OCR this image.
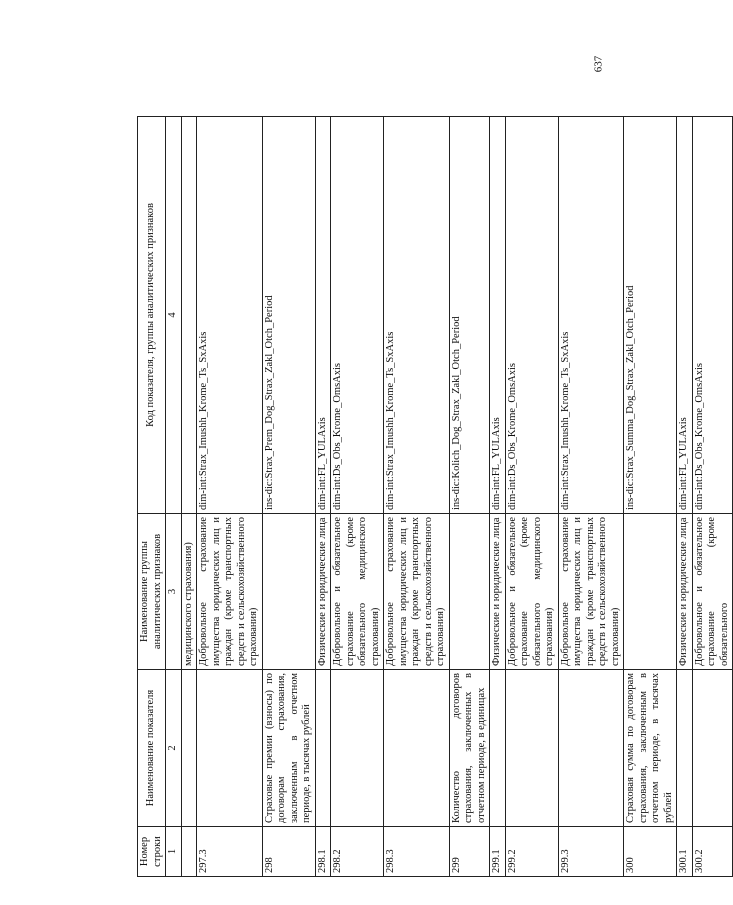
637
Номер строки	Наименование показателя	Наименование группы аналитических признаков	Код показателя, группы аналитических признаков
1	2	3	4
		медицинского страхования)	
297.3		Добровольное страхование имущества юридических лиц и граждан (кроме транспортных средств и сельскохозяйственного страхования)	dim-int:Strax_Imushh_Krome_Ts_SxAxis
298	Страховые премии (взносы) по договорам страхования, заключенным в отчетном периоде, в тысячах рублей		ins-dic:Strax_Prem_Dog_Strax_Zakl_Otch_Period
298.1		Физические и юридические лица	dim-int:FL_YULAxis
298.2		Добровольное и обязательное страхование (кроме обязательного медицинского страхования)	dim-int:Ds_Obs_Krome_OmsAxis
298.3		Добровольное страхование имущества юридических лиц и граждан (кроме транспортных средств и сельскохозяйственного страхования)	dim-int:Strax_Imushh_Krome_Ts_SxAxis
299	Количество договоров страхования, заключенных в отчетном периоде, в единицах		ins-dic:Kolich_Dog_Strax_Zakl_Otch_Period
299.1		Физические и юридические лица	dim-int:FL_YULAxis
299.2		Добровольное и обязательное страхование (кроме обязательного медицинского страхования)	dim-int:Ds_Obs_Krome_OmsAxis
299.3		Добровольное страхование имущества юридических лиц и граждан (кроме транспортных средств и сельскохозяйственного страхования)	dim-int:Strax_Imushh_Krome_Ts_SxAxis
300	Страховая сумма по договорам страхования, заключенным в отчетном периоде, в тысячах рублей		ins-dic:Strax_Summa_Dog_Strax_Zakl_Otch_Period
300.1		Физические и юридические лица	dim-int:FL_YULAxis
300.2		Добровольное и обязательное страхование (кроме обязательного	dim-int:Ds_Obs_Krome_OmsAxis
